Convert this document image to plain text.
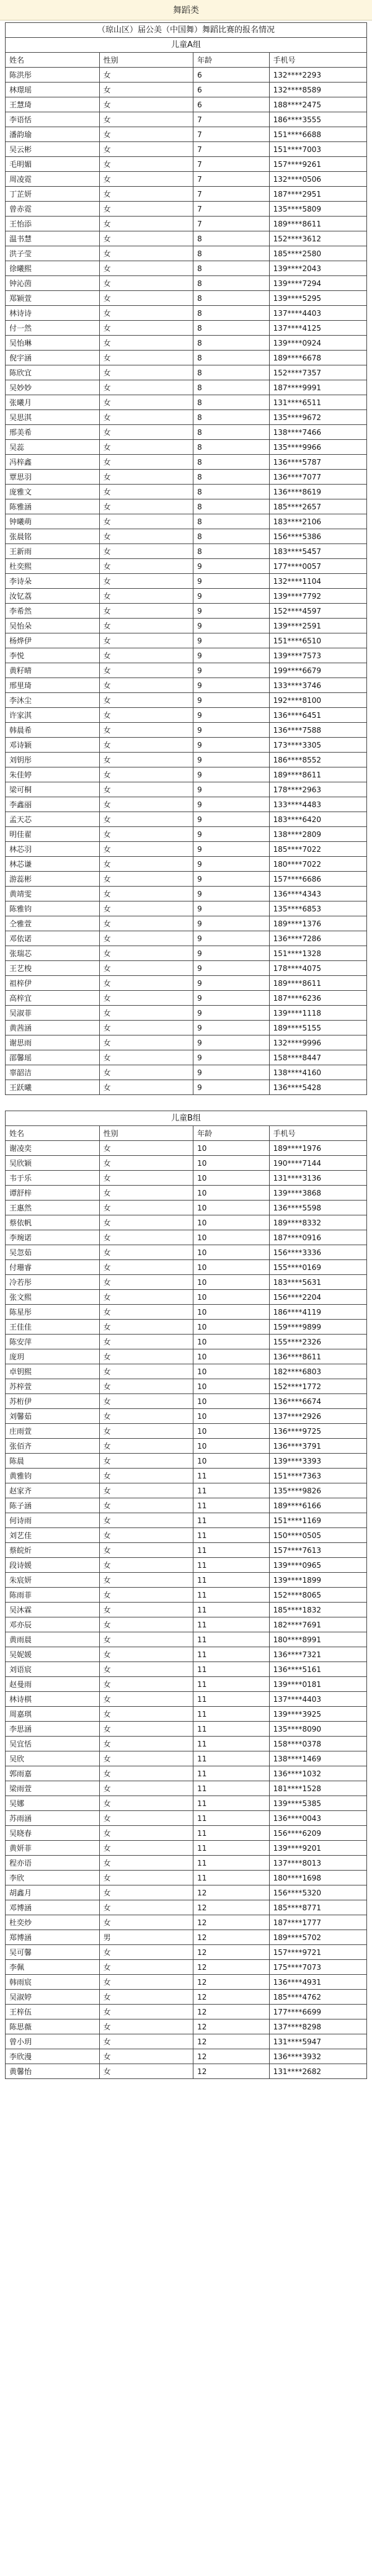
舞蹈类
（琼山区）届公美（中国舞）舞蹈比赛的报名情况			
儿童A组			
姓名	性别	年龄	手机号
陈洪彤	女	6	132****2293
林璟瑶	女	6	132****8589
王慧琦	女	6	188****2475
李语恬	女	7	186****3555
潘韵瑜	女	7	151****6688
吴云彬	女	7	151****7003
毛明媚	女	7	157****9261
周凌霓	女	7	132****0506
丁芷妍	女	7	187****2951
曾赤霓	女	7	135****5809
王怡添	女	7	189****8611
温书慧	女	8	152****3612
洪子莹	女	8	185****2580
徐曦熙	女	8	139****2043
钟沁茵	女	8	139****7294
郑颖萱	女	8	139****5295
林诗诗	女	8	137****4403
付一然	女	8	137****4125
吴怡琳	女	8	139****0924
倪宇涵	女	8	189****6678
陈欣宜	女	8	152****7357
吴妙妙	女	8	187****9991
张曦月	女	8	131****6511
吴思淇	女	8	135****9672
邢美希	女	8	138****7466
吴蕊	女	8	135****9966
冯梓鑫	女	8	136****5787
覃思羽	女	8	136****7077
庞雅文	女	8	136****8619
陈雅涵	女	8	185****2657
钟曦萌	女	8	183****2106
张晨铭	女	8	156****5386
王新雨	女	8	183****5457
杜奕熙	女	9	177****0057
李诗朵	女	9	132****1104
汝钇荔	女	9	139****7792
李希然	女	9	152****4597
吴怡朵	女	9	139****2591
杨烨伊	女	9	151****6510
李悦	女	9	139****7573
黄籽晴	女	9	199****6679
邢里琦	女	9	133****3746
李沐尘	女	9	192****8100
许家淇	女	9	136****6451
韩晨希	女	9	136****7588
邓诗颖	女	9	173****3305
刘钥彤	女	9	186****8552
朱佳婷	女	9	189****8611
梁可桐	女	9	178****2963
李鑫丽	女	9	133****4483
孟天芯	女	9	183****6420
明佳翟	女	9	138****2809
林芯羽	女	9	185****7022
林芯谦	女	9	180****7022
游蕊彬	女	9	157****6686
黄靖雯	女	9	136****4343
陈雅钧	女	9	135****6853
仝雅萱	女	9	189****1376
邓依诺	女	9	136****7286
张瑞芯	女	9	151****1328
王艺梭	女	9	178****4075
祖梓伊	女	9	189****8611
高梓宜	女	9	187****6236
吴淑菲	女	9	139****1118
黄茜涵	女	9	189****5155
谢思雨	女	9	132****9996
邵馨瑶	女	9	158****8447
辜韶洁	女	9	138****4160
王跃曦	女	9	136****5428
儿童B组			
姓名	性别	年龄	手机号
谢凌奕	女	10	189****1976
吴欣颖	女	10	190****7144
韦于乐	女	10	131****3136
谭舒梓	女	10	139****3868
王惠然	女	10	136****5598
蔡依帆	女	10	189****8332
李琬诺	女	10	187****0916
吴忽茹	女	10	156****3336
付珊睿	女	10	155****0169
冷若彤	女	10	183****5631
张文熙	女	10	156****2204
陈星彤	女	10	186****4119
王佳佳	女	10	159****9899
陈安萍	女	10	155****2326
庞玥	女	10	136****8611
卓钥熙	女	10	182****6803
苏梓萱	女	10	152****1772
苏桁伊	女	10	136****6674
刘馨茹	女	10	137****2926
庄雨萱	女	10	136****9725
张佰齐	女	10	136****3791
陈晨	女	10	139****3393
黄雅钧	女	11	151****7363
赵家齐	女	11	135****9826
陈子涵	女	11	189****6166
何诗雨	女	11	151****1169
刘艺佳	女	11	150****0505
蔡皖炘	女	11	157****7613
段诗媛	女	11	139****0965
朱宸妍	女	11	139****1899
陈雨菲	女	11	152****8065
吴沐霖	女	11	185****1832
邓亦辰	女	11	182****7691
黄雨晨	女	11	180****8991
吴妮媛	女	11	136****7321
刘语宸	女	11	136****5161
赵曼雨	女	11	139****0181
林诗棋	女	11	137****4403
周嘉琪	女	11	139****3925
李思涵	女	11	135****8090
吴宜恬	女	11	158****0378
吴欣	女	11	138****1469
郭雨嘉	女	11	136****1032
梁雨萱	女	11	181****1528
吴娜	女	11	139****5385
苏雨涵	女	11	136****0043
吴晓春	女	11	156****6209
黄妍菲	女	11	139****9201
程亦语	女	11	137****8013
李欣	女	11	180****1698
胡鑫月	女	12	156****5320
邓博涵	女	12	185****8771
杜奕炒	女	12	187****1777
郑博涵	男	12	189****5702
吴可馨	女	12	157****9721
李佩	女	12	175****7073
韩雨宸	女	12	136****4931
吴淑婷	女	12	185****4762
王梓伍	女	12	177****6699
陈思薇	女	12	137****8298
曾小玥	女	12	131****5947
李欣漫	女	12	136****3932
黄馨怡	女	12	131****2682
